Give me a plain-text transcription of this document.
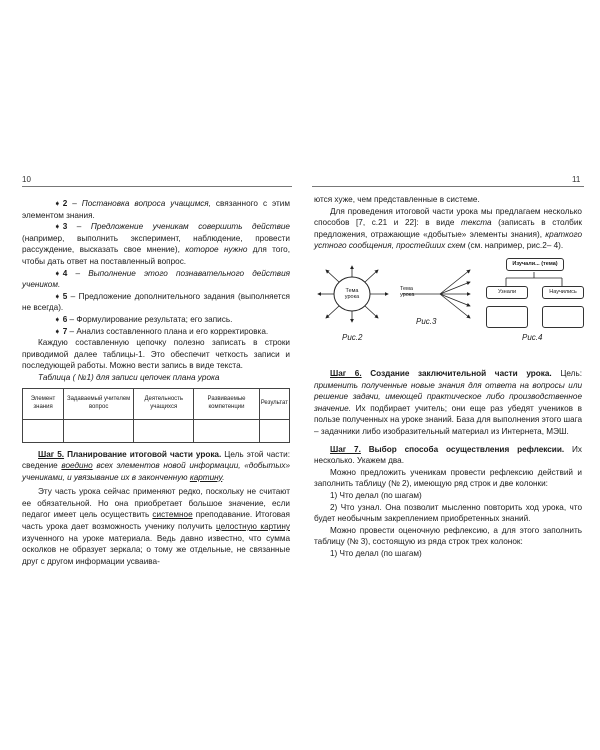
10

➧ 2 – Постановка вопроса учащимся, связанного с этим элементом знания.

➧ 3 – Предложение ученикам совершить действие (например, выполнить эксперимент, наблюдение, провести рассуждение, высказать свое мнение), которое нужно для того, чтобы дать ответ на поставленный вопрос.

➧ 4 – Выполнение этого познавательного действия учеником.

➧ 5 – Предложение дополнительного задания (выполняется не всегда).

➧ 6 – Формулирование результата; его запись.

➧ 7 – Анализ составленного плана и его корректировка.

Каждую составленную цепочку полезно записать в строки приводимой далее таблицы-1. Это обеспечит четкость записи и последующей работы. Можно вести запись в виде текста.

Таблица ( №1) для записи цепочек плана урока

Элемент знания	Задаваемый учителем вопрос	Деятельность учащихся	Развиваемые компетенции	Результат

Шаг 5. Планирование итоговой части урока. Цель этой части: сведение воедино всех элементов новой информации, «добытых» учениками, и увязывание их в законченную картину.

Эту часть урока сейчас применяют редко, поскольку не считают ее обязательной. Но она приобретает большое значение, если педагог имеет цель осуществить системное преподавание. Итоговая часть урока дает возможность ученику получить целостную картину изученного на уроке материала. Ведь давно известно, что сумма осколков не образует зеркала; о тому же отдельные, не связанные друг с другом информации усваива-

11

ются хуже, чем представленные в системе.

Для проведения итоговой части урока мы предлагаем несколько способов [7, с.21 и 22]: в виде текста (записать в столбик предложения, отражающие «добытые» элементы знания), краткого устного сообщения, простейших схем (см. например, рис.2– 4).

Тема урока
Рис.2
Тема урока
Рис.3
Изучали... (тема)
Узнали	Научились
Рис.4

Шаг 6. Создание заключительной части урока. Цель: применить полученные новые знания для ответа на вопросы или решение задачи, имеющей практическое либо производственное значение. Их подбирает учитель; они еще раз убедят учеников в пользе полученных на уроке знаний. База для выполнения этого шага – задачники либо изобразительный материал из Интернета, МЭШ.

Шаг 7. Выбор способа осуществления рефлексии. Их несколько. Укажем два.

Можно предложить ученикам провести рефлексию действий и заполнить таблицу (№ 2), имеющую ряд строк и две колонки:

1) Что делал (по шагам)

2) Что узнал. Она позволит мысленно повторить ход урока, что будет необычным закреплением приобретенных знаний.

Можно провести оценочную рефлексию, а для этого заполнить таблицу (№ 3), состоящую из ряда строк трех колонок:

1) Что делал (по шагам)
